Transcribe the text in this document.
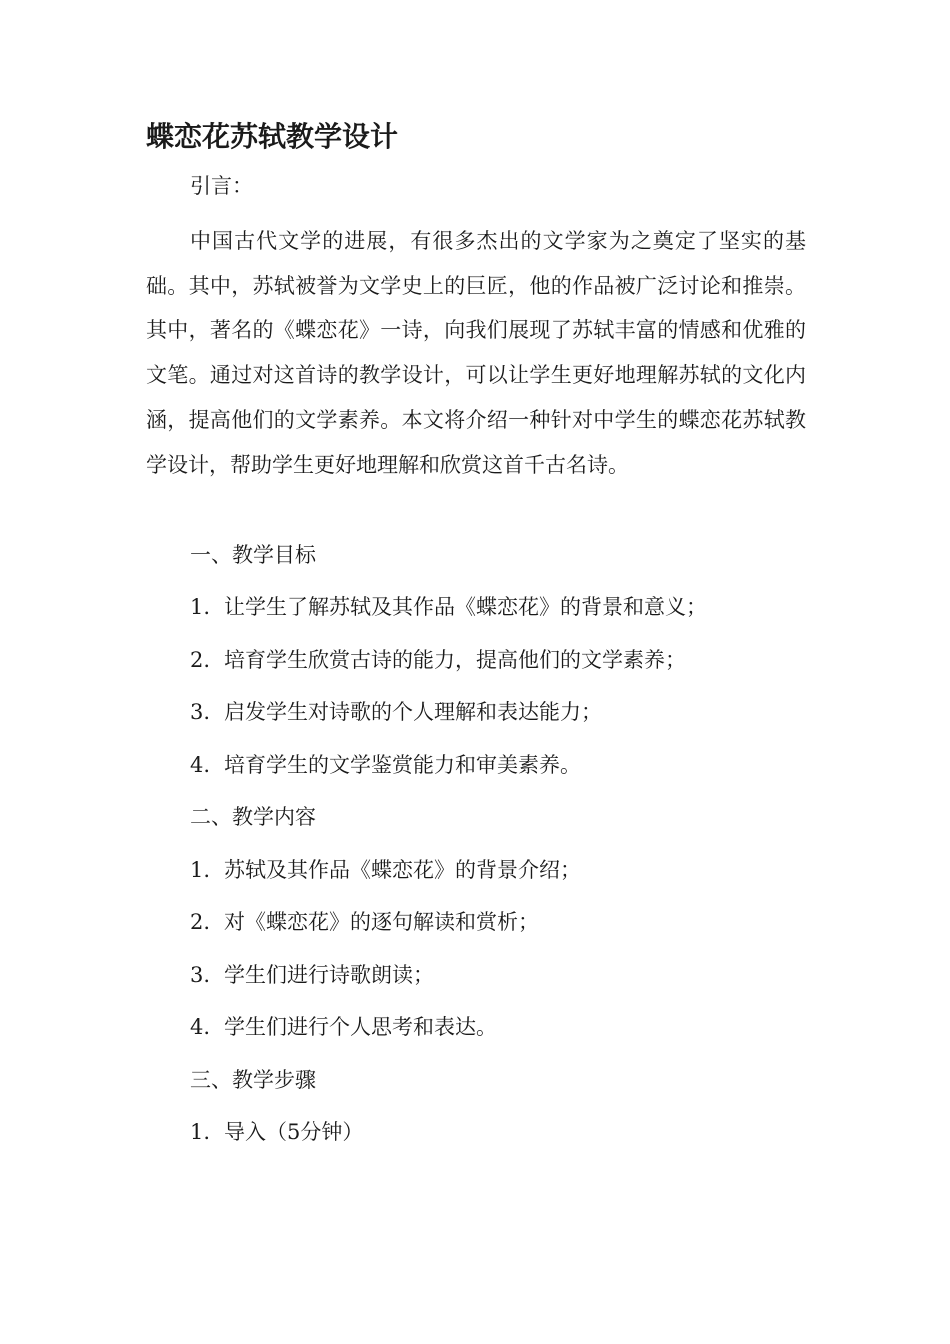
蝶恋花苏轼教学设计
引言：

中国古代文学的进展，有很多杰出的文学家为之奠定了坚实的基础。其中，苏轼被誉为文学史上的巨匠，他的作品被广泛讨论和推崇。其中，著名的《蝶恋花》一诗，向我们展现了苏轼丰富的情感和优雅的文笔。通过对这首诗的教学设计，可以让学生更好地理解苏轼的文化内涵，提高他们的文学素养。本文将介绍一种针对中学生的蝶恋花苏轼教学设计，帮助学生更好地理解和欣赏这首千古名诗。

一、教学目标
1. 让学生了解苏轼及其作品《蝶恋花》的背景和意义；
2. 培育学生欣赏古诗的能力，提高他们的文学素养；
3. 启发学生对诗歌的个人理解和表达能力；
4. 培育学生的文学鉴赏能力和审美素养。
二、教学内容
1. 苏轼及其作品《蝶恋花》的背景介绍；
2. 对《蝶恋花》的逐句解读和赏析；
3. 学生们进行诗歌朗读；
4. 学生们进行个人思考和表达。
三、教学步骤
1. 导入（5分钟）
